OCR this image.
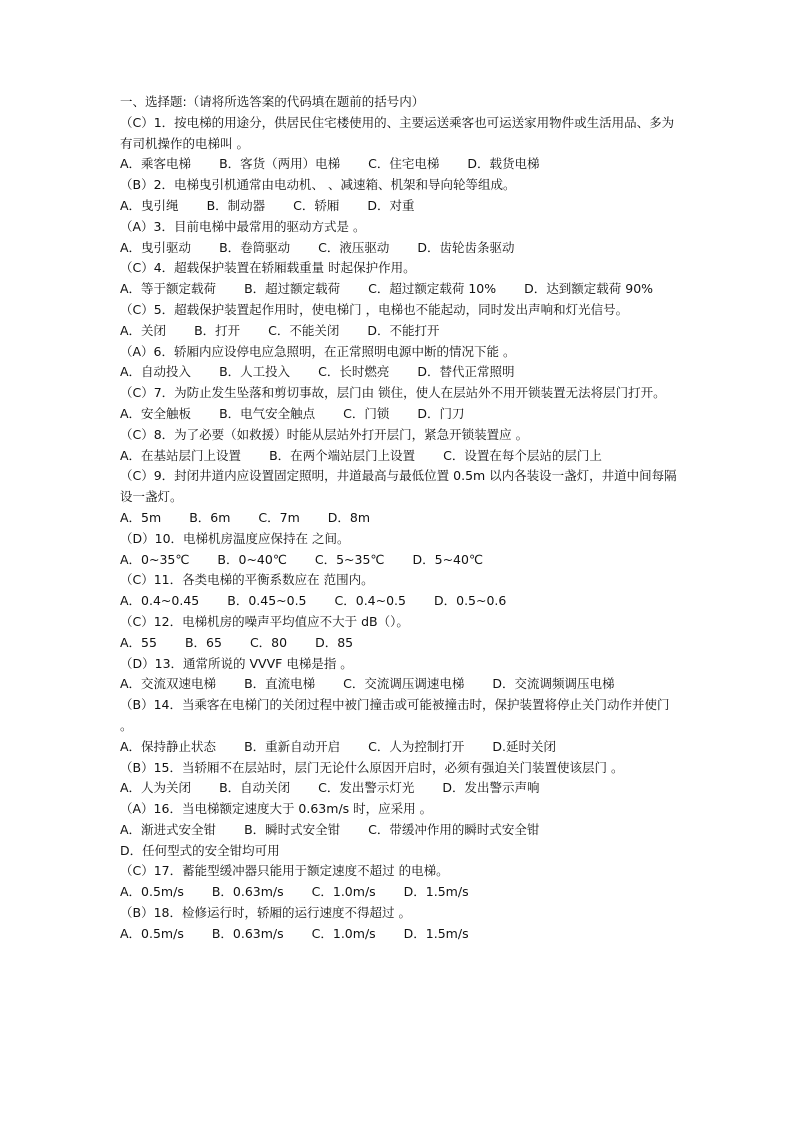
一、选择题:（请将所选答案的代码填在题前的括号内）
（C）1．按电梯的用途分，供居民住宅楼使用的、主要运送乘客也可运送家用物件或生活用品、多为有司机操作的电梯叫 。
A．乘客电梯 B．客货（两用）电梯 C．住宅电梯 D．载货电梯
（B）2．电梯曳引机通常由电动机、 、减速箱、机架和导向轮等组成。
A．曳引绳 B．制动器 C．轿厢 D．对重
（A）3．目前电梯中最常用的驱动方式是 。
A．曳引驱动 B．卷筒驱动 C．液压驱动 D．齿轮齿条驱动
（C）4．超载保护装置在轿厢载重量 时起保护作用。
A．等于额定载荷 B．超过额定载荷 C．超过额定载荷 10% D．达到额定载荷 90%
（C）5．超载保护装置起作用时，使电梯门 ，电梯也不能起动，同时发出声响和灯光信号。
A．关闭 B．打开 C．不能关闭 D．不能打开
（A）6．轿厢内应设停电应急照明，在正常照明电源中断的情况下能 。
A．自动投入 B．人工投入 C．长时燃亮 D．替代正常照明
（C）7．为防止发生坠落和剪切事故，层门由 锁住，使人在层站外不用开锁装置无法将层门打开。
A．安全触板 B．电气安全触点 C．门锁 D．门刀
（C）8．为了必要（如救援）时能从层站外打开层门，紧急开锁装置应 。
A．在基站层门上设置 B．在两个端站层门上设置 C．设置在每个层站的层门上
（C）9．封闭井道内应设置固定照明，井道最高与最低位置 0.5m 以内各装设一盏灯，井道中间每隔 设一盏灯。
A．5m B．6m C．7m D．8m
（D）10．电梯机房温度应保持在 之间。
A．0~35℃ B．0~40℃ C．5~35℃ D．5~40℃
（C）11．各类电梯的平衡系数应在 范围内。
A．0.4~0.45 B．0.45~0.5 C．0.4~0.5 D．0.5~0.6
（C）12．电梯机房的噪声平均值应不大于 dB（）。
A．55 B．65 C．80 D．85
（D）13．通常所说的 VVVF 电梯是指 。
A．交流双速电梯 B．直流电梯 C．交流调压调速电梯 D．交流调频调压电梯
（B）14．当乘客在电梯门的关闭过程中被门撞击或可能被撞击时，保护装置将停止关门动作并使门 。
A．保持静止状态 B．重新自动开启 C．人为控制打开 D.延时关闭
（B）15．当轿厢不在层站时，层门无论什么原因开启时，必须有强迫关门装置使该层门 。
A．人为关闭 B．自动关闭 C．发出警示灯光 D．发出警示声响
（A）16．当电梯额定速度大于 0.63m/s 时，应采用 。
A．渐进式安全钳 B．瞬时式安全钳 C．带缓冲作用的瞬时式安全钳D．任何型式的安全钳均可用
（C）17．蓄能型缓冲器只能用于额定速度不超过 的电梯。
A．0.5m/s B．0.63m/s C．1.0m/s D．1.5m/s
（B）18．检修运行时，轿厢的运行速度不得超过 。
A．0.5m/s B．0.63m/s C．1.0m/s D．1.5m/s
